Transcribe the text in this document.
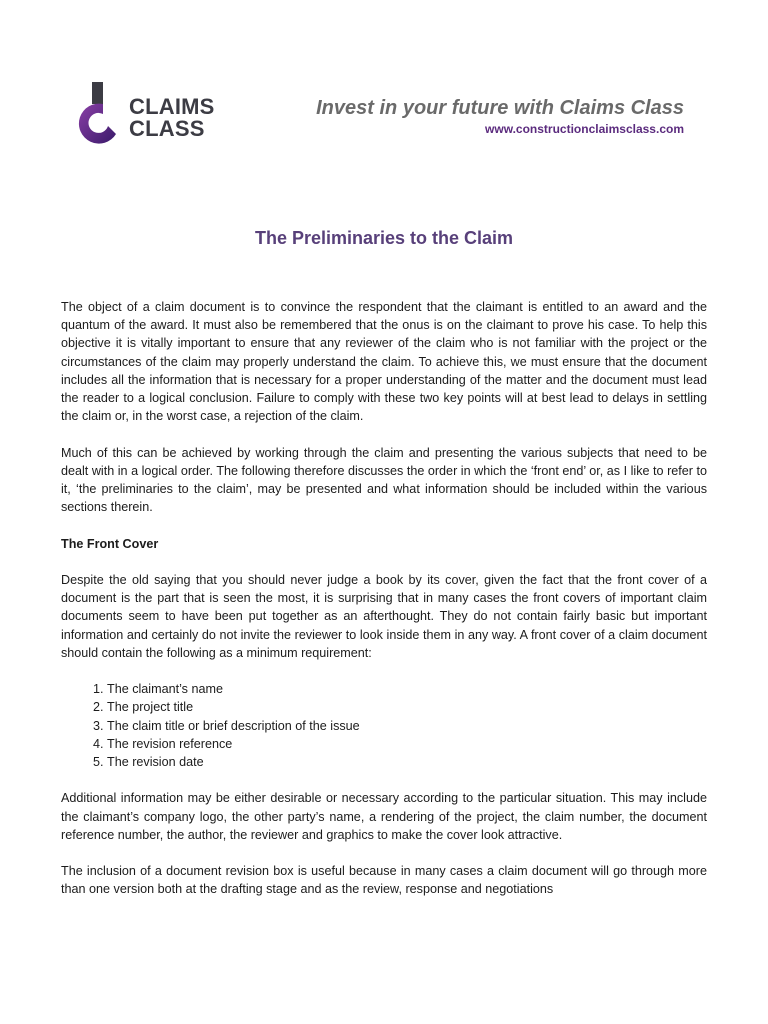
CLAIMS
CLASS
Invest in your future with Claims Class
www.constructionclaimsclass.com
The Preliminaries to the Claim

The object of a claim document is to convince the respondent that the claimant is entitled to an award and the quantum of the award. It must also be remembered that the onus is on the claimant to prove his case. To help this objective it is vitally important to ensure that any reviewer of the claim who is not familiar with the project or the circumstances of the claim may properly understand the claim. To achieve this, we must ensure that the document includes all the information that is necessary for a proper understanding of the matter and the document must lead the reader to a logical conclusion. Failure to comply with these two key points will at best lead to delays in settling the claim or, in the worst case, a rejection of the claim.

Much of this can be achieved by working through the claim and presenting the various subjects that need to be dealt with in a logical order. The following therefore discusses the order in which the ‘front end’ or, as I like to refer to it, ‘the preliminaries to the claim’, may be presented and what information should be included within the various sections therein.

The Front Cover

Despite the old saying that you should never judge a book by its cover, given the fact that the front cover of a document is the part that is seen the most, it is surprising that in many cases the front covers of important claim documents seem to have been put together as an afterthought. They do not contain fairly basic but important information and certainly do not invite the reviewer to look inside them in any way. A front cover of a claim document should contain the following as a minimum requirement:

1. The claimant’s name
2. The project title
3. The claim title or brief description of the issue
4. The revision reference
5. The revision date

Additional information may be either desirable or necessary according to the particular situation. This may include the claimant’s company logo, the other party’s name, a rendering of the project, the claim number, the document reference number, the author, the reviewer and graphics to make the cover look attractive.

The inclusion of a document revision box is useful because in many cases a claim document will go through more than one version both at the drafting stage and as the review, response and negotiations
